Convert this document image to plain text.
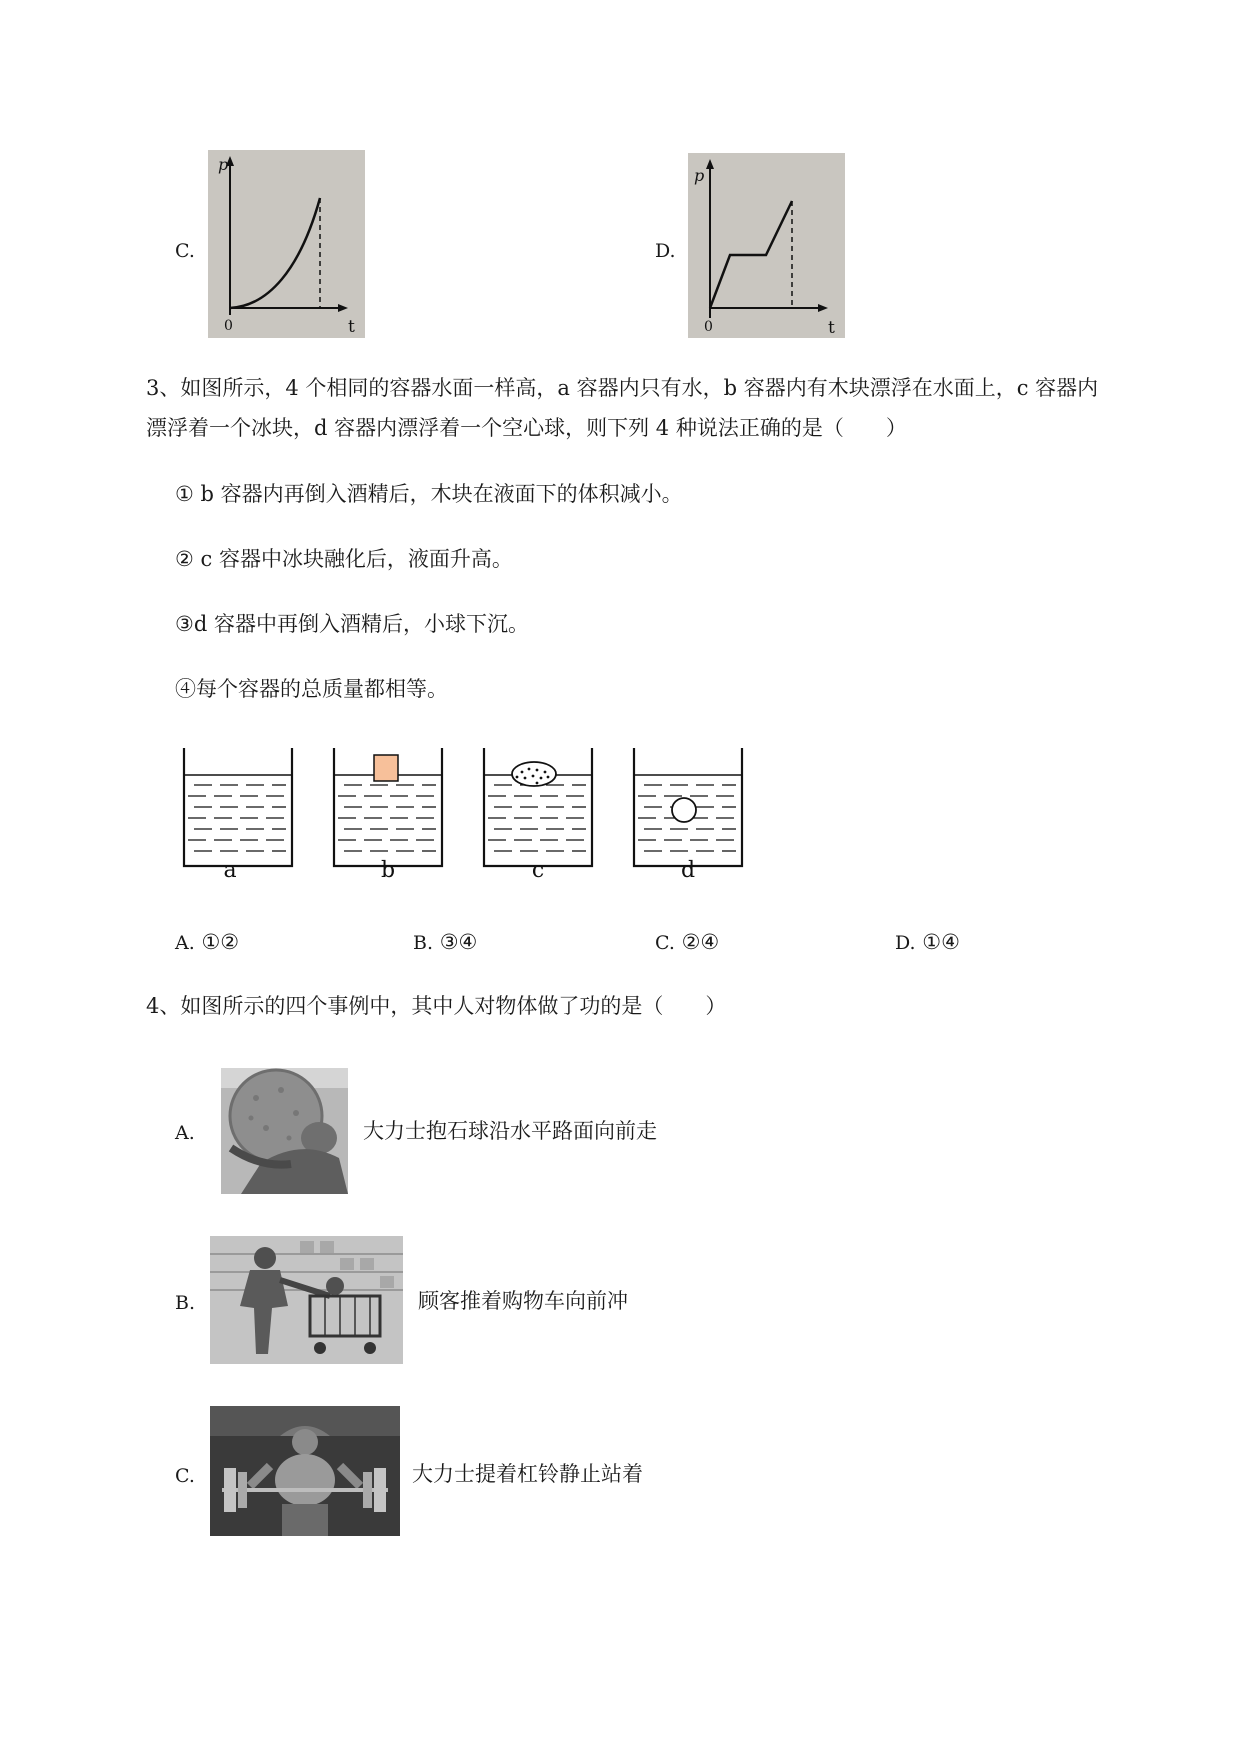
C.
p
0	t
D.
p
0	t
3、如图所示，4 个相同的容器水面一样高，a 容器内只有水，b 容器内有木块漂浮在水面上，c 容器内
漂浮着一个冰块，d 容器内漂浮着一个空心球，则下列 4 种说法正确的是（　　）
① b 容器内再倒入酒精后，木块在液面下的体积减小。
② c 容器中冰块融化后，液面升高。
③d 容器中再倒入酒精后，小球下沉。
④每个容器的总质量都相等。
a	b	c	d
A. ①②	B. ③④	C. ②④	D. ①④
4、如图所示的四个事例中，其中人对物体做了功的是（　　）
A.	大力士抱石球沿水平路面向前走
B.	顾客推着购物车向前冲
C.	大力士提着杠铃静止站着
